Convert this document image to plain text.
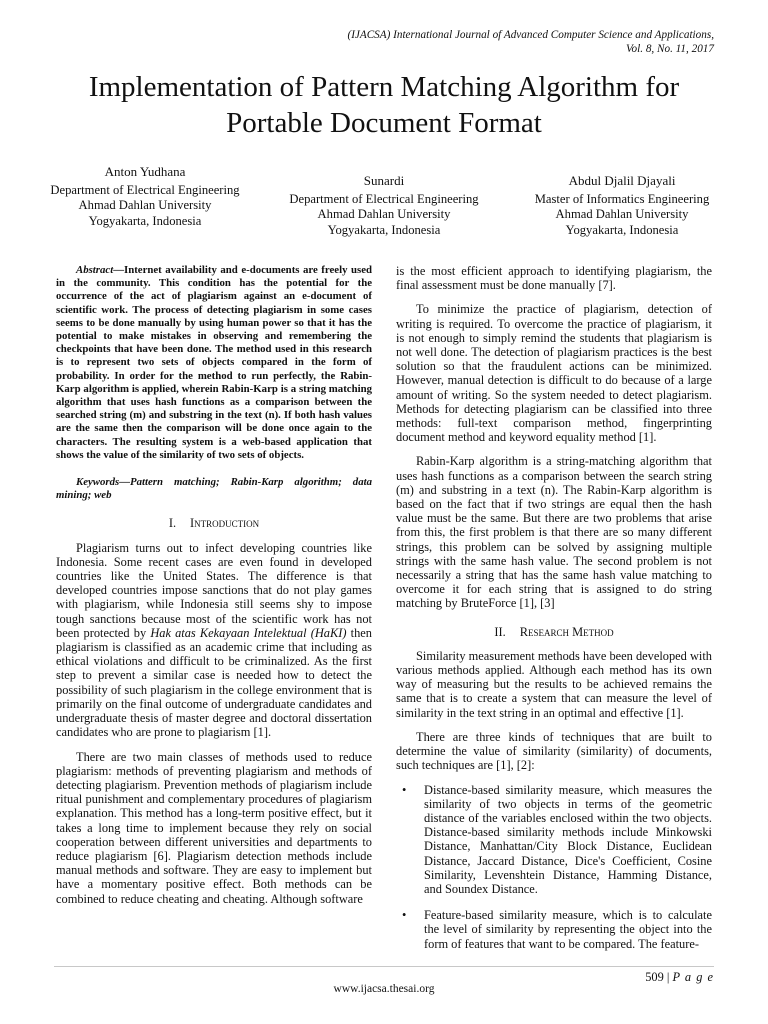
(IJACSA) International Journal of Advanced Computer Science and Applications,
Vol. 8, No. 11, 2017
Implementation of Pattern Matching Algorithm for
Portable Document Format
Anton Yudhana
Department of Electrical Engineering
Ahmad Dahlan University
Yogyakarta, Indonesia
Sunardi
Department of Electrical Engineering
Ahmad Dahlan University
Yogyakarta, Indonesia
Abdul Djalil Djayali
Master of Informatics Engineering
Ahmad Dahlan University
Yogyakarta, Indonesia

Abstract—Internet availability and e-documents are freely used in the community. This condition has the potential for the occurrence of the act of plagiarism against an e-document of scientific work. The process of detecting plagiarism in some cases seems to be done manually by using human power so that it has the potential to make mistakes in observing and remembering the checkpoints that have been done. The method used in this research is to represent two sets of objects compared in the form of probability. In order for the method to run perfectly, the Rabin-Karp algorithm is applied, wherein Rabin-Karp is a string matching algorithm that uses hash functions as a comparison between the searched string (m) and substring in the text (n). If both hash values are the same then the comparison will be done once again to the characters. The resulting system is a web-based application that shows the value of the similarity of two sets of objects.

Keywords—Pattern matching; Rabin-Karp algorithm; data mining; web

I. Introduction

Plagiarism turns out to infect developing countries like Indonesia. Some recent cases are even found in developed countries like the United States. The difference is that developed countries impose sanctions that do not play games with plagiarism, while Indonesia still seems shy to impose tough sanctions because most of the scientific work has not been protected by Hak atas Kekayaan Intelektual (HaKI) then plagiarism is classified as an academic crime that including as ethical violations and difficult to be criminalized. As the first step to prevent a similar case is needed how to detect the possibility of such plagiarism in the college environment that is primarily on the final outcome of undergraduate candidates and undergraduate thesis of master degree and doctoral dissertation candidates who are prone to plagiarism [1].

There are two main classes of methods used to reduce plagiarism: methods of preventing plagiarism and methods of detecting plagiarism. Prevention methods of plagiarism include ritual punishment and complementary procedures of plagiarism explanation. This method has a long-term positive effect, but it takes a long time to implement because they rely on social cooperation between different universities and departments to reduce plagiarism [6]. Plagiarism detection methods include manual methods and software. They are easy to implement but have a momentary positive effect. Both methods can be combined to reduce cheating and cheating. Although software

is the most efficient approach to identifying plagiarism, the final assessment must be done manually [7].

To minimize the practice of plagiarism, detection of writing is required. To overcome the practice of plagiarism, it is not enough to simply remind the students that plagiarism is not well done. The detection of plagiarism practices is the best solution so that the fraudulent actions can be minimized. However, manual detection is difficult to do because of a large amount of writing. So the system needed to detect plagiarism. Methods for detecting plagiarism can be classified into three methods: full-text comparison method, fingerprinting document method and keyword equality method [1].

Rabin-Karp algorithm is a string-matching algorithm that uses hash functions as a comparison between the search string (m) and substring in a text (n). The Rabin-Karp algorithm is based on the fact that if two strings are equal then the hash value must be the same. But there are two problems that arise from this, the first problem is that there are so many different strings, this problem can be solved by assigning multiple strings with the same hash value. The second problem is not necessarily a string that has the same hash value matching to overcome it for each string that is assigned to do string matching by BruteForce [1], [3]

II. Research Method

Similarity measurement methods have been developed with various methods applied. Although each method has its own way of measuring but the results to be achieved remains the same that is to create a system that can measure the level of similarity in the text string in an optimal and effective [1].

There are three kinds of techniques that are built to determine the value of similarity (similarity) of documents, such techniques are [1], [2]:

• Distance-based similarity measure, which measures the similarity of two objects in terms of the geometric distance of the variables enclosed within the two objects. Distance-based similarity methods include Minkowski Distance, Manhattan/City Block Distance, Euclidean Distance, Jaccard Distance, Dice's Coefficient, Cosine Similarity, Levenshtein Distance, Hamming Distance, and Soundex Distance.
• Feature-based similarity measure, which is to calculate the level of similarity by representing the object into the form of features that want to be compared. The feature-
509 | P a g e
www.ijacsa.thesai.org
